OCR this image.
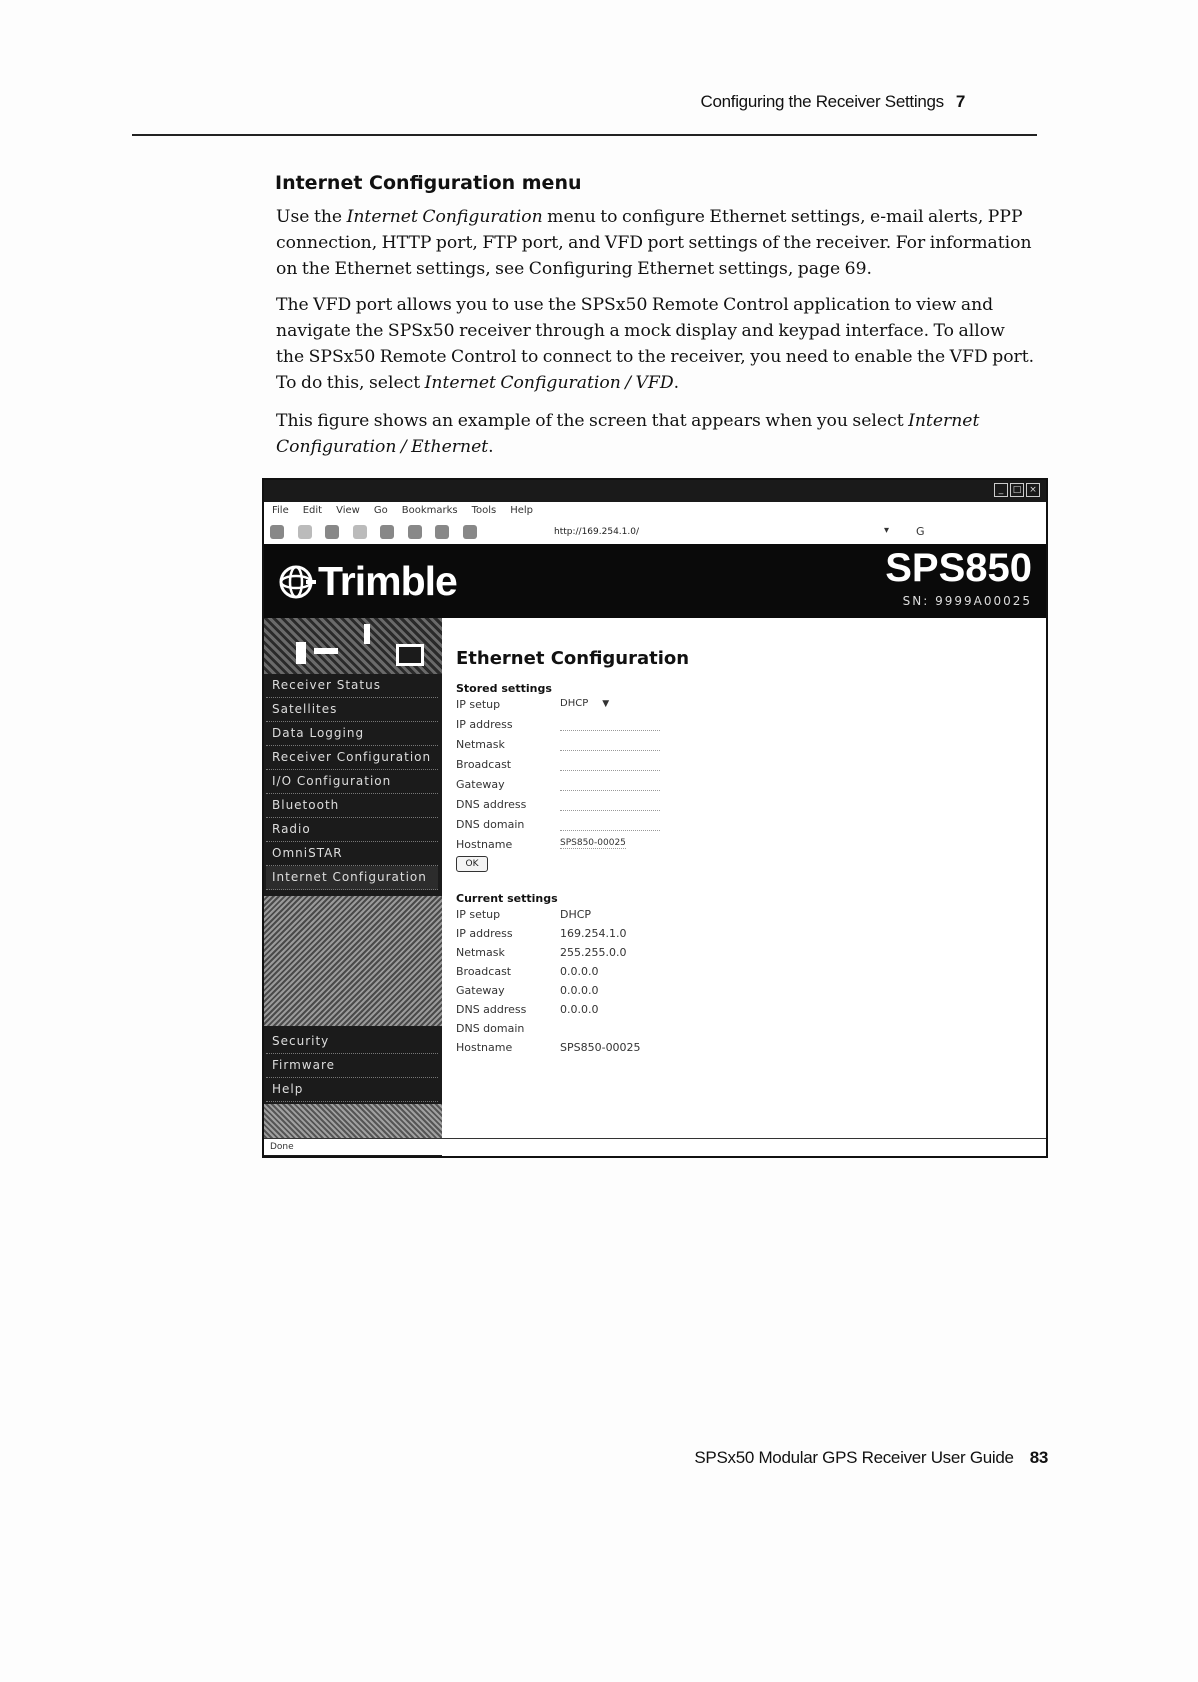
Configuring the Receiver Settings 7
Internet Configuration menu

Use the Internet Configuration menu to configure Ethernet settings, e-mail alerts, PPP connection, HTTP port, FTP port, and VFD port settings of the receiver. For information on the Ethernet settings, see Configuring Ethernet settings, page 69.

The VFD port allows you to use the SPSx50 Remote Control application to view and navigate the SPSx50 receiver through a mock display and keypad interface. To allow the SPSx50 Remote Control to connect to the receiver, you need to enable the VFD port. To do this, select Internet Configuration / VFD.

This figure shows an example of the screen that appears when you select Internet Configuration / Ethernet.

_ □ ×
File Edit View Go Bookmarks Tools Help

http://169.254.1.0/	▾ G
Trimble	SPS850
SN: 9999A00025
Receiver Status
Satellites
Data Logging
Receiver Configuration
I/O Configuration
Bluetooth
Radio
OmniSTAR
Internet Configuration
Security
Firmware
Help
Ethernet Configuration
Stored settings
IP setup	DHCP ▼
IP address
Netmask
Broadcast
Gateway
DNS address
DNS domain
Hostname	SPS850-00025
OK
Current settings
IP setup	DHCP
IP address	169.254.1.0
Netmask	255.255.0.0
Broadcast	0.0.0.0
Gateway	0.0.0.0
DNS address	0.0.0.0
DNS domain
Hostname	SPS850-00025
Done
SPSx50 Modular GPS Receiver User Guide 83
